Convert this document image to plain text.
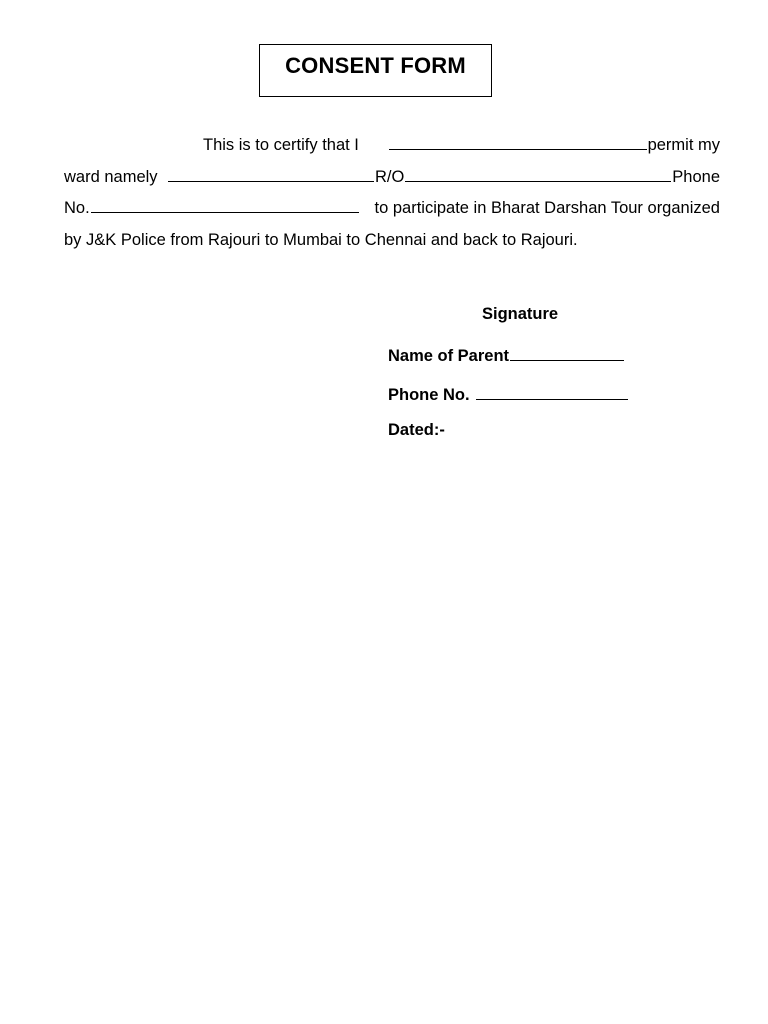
CONSENT FORM
This is to certify that I	permit my
ward namely	R/O	Phone
No.	to participate in Bharat Darshan Tour organized
by J&K Police from Rajouri to Mumbai to Chennai and back to Rajouri.
Signature
Name of Parent
Phone No.
Dated:-
